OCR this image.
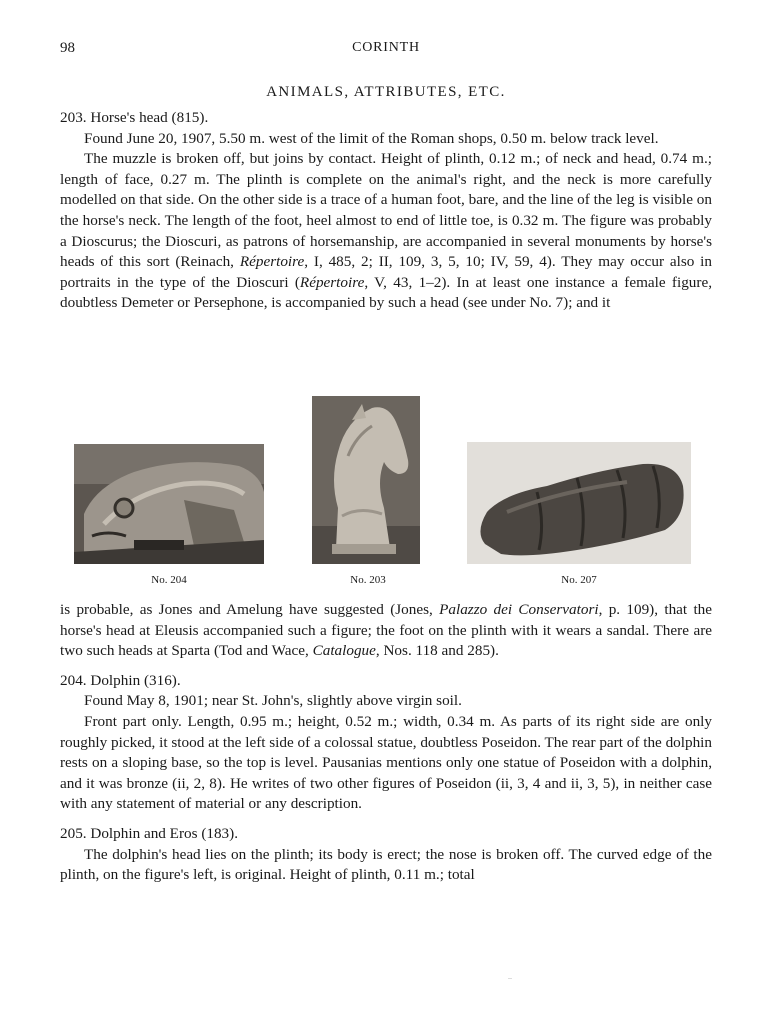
98	CORINTH
ANIMALS, ATTRIBUTES, ETC.

203. Horse's head (815).

Found June 20, 1907, 5.50 m. west of the limit of the Roman shops, 0.50 m. below track level.

The muzzle is broken off, but joins by contact. Height of plinth, 0.12 m.; of neck and head, 0.74 m.; length of face, 0.27 m. The plinth is complete on the animal's right, and the neck is more carefully modelled on that side. On the other side is a trace of a human foot, bare, and the line of the leg is visible on the horse's neck. The length of the foot, heel almost to end of little toe, is 0.32 m. The figure was probably a Dioscurus; the Dioscuri, as patrons of horsemanship, are accompanied in several monuments by horse's heads of this sort (Reinach, Répertoire, I, 485, 2; II, 109, 3, 5, 10; IV, 59, 4). They may occur also in portraits in the type of the Dioscuri (Répertoire, V, 43, 1–2). In at least one instance a female figure, doubtless Demeter or Persephone, is accompanied by such a head (see under No. 7); and it

No. 204	No. 203	No. 207

is probable, as Jones and Amelung have suggested (Jones, Palazzo dei Conservatori, p. 109), that the horse's head at Eleusis accompanied such a figure; the foot on the plinth with it wears a sandal. There are two such heads at Sparta (Tod and Wace, Catalogue, Nos. 118 and 285).

204. Dolphin (316).

Found May 8, 1901; near St. John's, slightly above virgin soil.

Front part only. Length, 0.95 m.; height, 0.52 m.; width, 0.34 m. As parts of its right side are only roughly picked, it stood at the left side of a colossal statue, doubtless Poseidon. The rear part of the dolphin rests on a sloping base, so the top is level. Pausanias mentions only one statue of Poseidon with a dolphin, and it was bronze (ii, 2, 8). He writes of two other figures of Poseidon (ii, 3, 4 and ii, 3, 5), in neither case with any statement of material or any description.

205. Dolphin and Eros (183).

The dolphin's head lies on the plinth; its body is erect; the nose is broken off. The curved edge of the plinth, on the figure's left, is original. Height of plinth, 0.11 m.; total
